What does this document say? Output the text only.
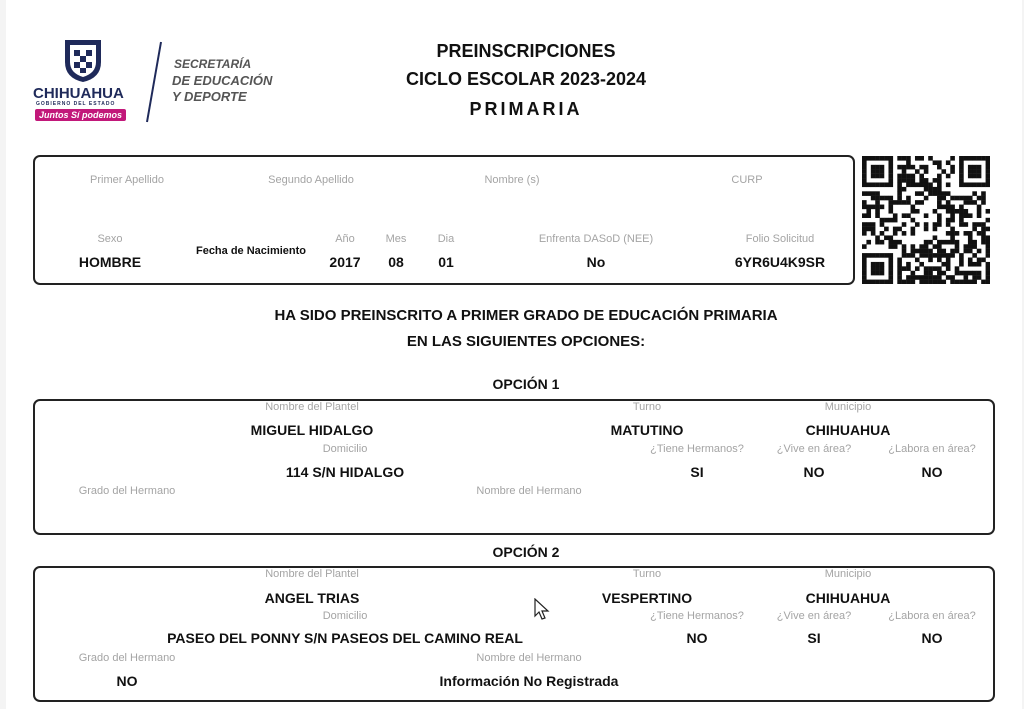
CHIHUAHUA
GOBIERNO DEL ESTADO
Juntos Sí podemos
SECRETARÍA
DE EDUCACIÓN
Y DEPORTE
PREINSCRIPCIONES
CICLO ESCOLAR 2023-2024
PRIMARIA
Primer Apellido	Segundo Apellido	Nombre (s)	CURP
Sexo
HOMBRE
Fecha de Nacimiento
Año
2017
Mes
08
Dia
01
Enfrenta DASoD (NEE)
No
Folio Solicitud
6YR6U4K9SR
HA SIDO PREINSCRITO A PRIMER GRADO DE EDUCACIÓN PRIMARIA
EN LAS SIGUIENTES OPCIONES:
OPCIÓN 1
Nombre del Plantel
MIGUEL HIDALGO
Turno
MATUTINO
Municipio
CHIHUAHUA
Domicilio
114 S/N HIDALGO
¿Tiene Hermanos?
SI
¿Vive en área?
NO
¿Labora en área?
NO
Grado del Hermano	Nombre del Hermano
OPCIÓN 2
Nombre del Plantel
ANGEL TRIAS
Turno
VESPERTINO
Municipio
CHIHUAHUA
Domicilio
PASEO DEL PONNY S/N PASEOS DEL CAMINO REAL
¿Tiene Hermanos?
NO
¿Vive en área?
SI
¿Labora en área?
NO
Grado del Hermano
NO
Nombre del Hermano
Información No Registrada
